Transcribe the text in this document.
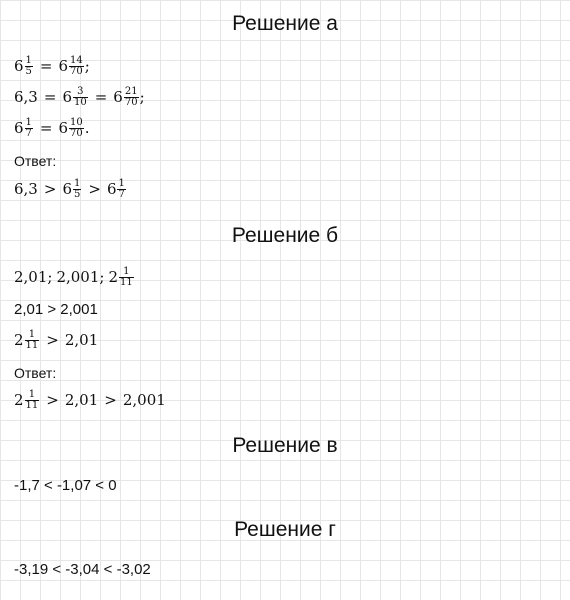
Решение а
$6 \frac{1}{5} = 6 \frac{14}{70}$ ;
$6,3 = 6 \frac{3}{10} = 6 \frac{21}{70}$ ;
$6 \frac{1}{7} = 6 \frac{10}{70}$ .
Ответ:
$6,3 > 6 \frac{1}{5} > 6 \frac{1}{7}$
Решение б
2,01; 2,001; $2 \frac{1}{11}$
2,01 > 2,001
$2 \frac{1}{11} > 2,01$
Ответ:
$2 \frac{1}{11} > 2,01 > 2,001$
Решение в
-1,7 < -1,07 < 0
Решение г
-3,19 < -3,04 < -3,02
